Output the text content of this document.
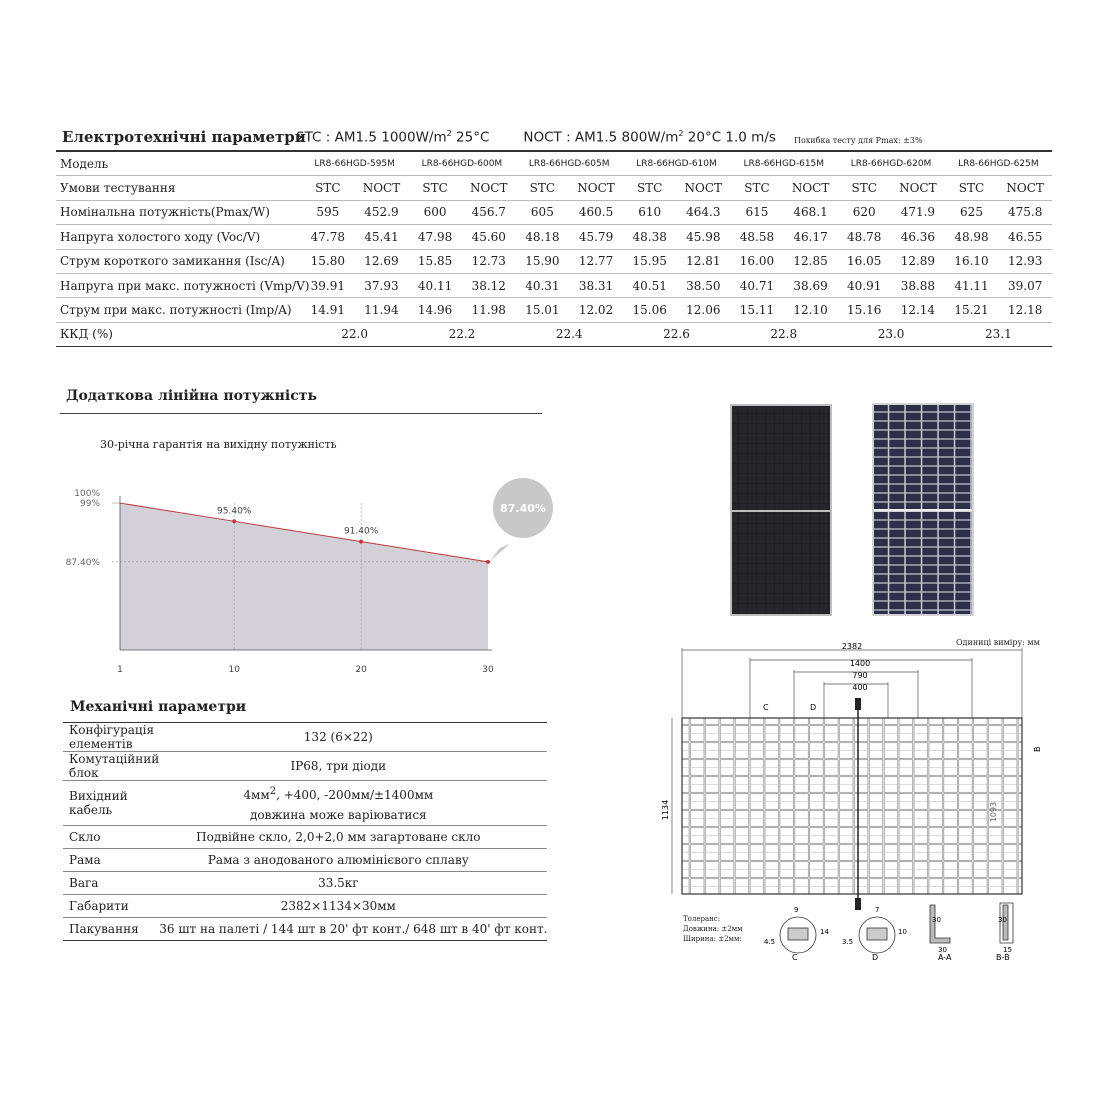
Електротехнічні параметри
STC : AM1.5 $1000W/m^2$ 25°C	NOCT : AM1.5 $800W/m^2$ 20°C 1.0 m/s Похибка тесту для Pmax: ±3%
Модель	LR8-66HGD-595M		LR8-66HGD-600M		LR8-66HGD-605M		LR8-66HGD-610M		LR8-66HGD-615M		LR8-66HGD-620M		LR8-66HGD-625M	
Умови тестування	STC	NOCT	STC	NOCT	STC	NOCT	STC	NOCT	STC	NOCT	STC	NOCT	STC	NOCT
Номінальна потужність(Pmax/W)	595	452.9	600	456.7	605	460.5	610	464.3	615	468.1	620	471.9	625	475.8
Напруга холостого ходу (Voc/V)	47.78	45.41	47.98	45.60	48.18	45.79	48.38	45.98	48.58	46.17	48.78	46.36	48.98	46.55
Струм короткого замикання (Isc/A)	15.80	12.69	15.85	12.73	15.90	12.77	15.95	12.81	16.00	12.85	16.05	12.89	16.10	12.93
Напруга при макс. потужності (Vmp/V)	39.91	37.93	40.11	38.12	40.31	38.31	40.51	38.50	40.71	38.69	40.91	38.88	41.11	39.07
Струм при макс. потужності (Imp/A)	14.91	11.94	14.96	11.98	15.01	12.02	15.06	12.06	15.11	12.10	15.16	12.14	15.21	12.18
ККД (%)	22.0		22.2		22.4		22.6		22.8		23.0		23.1	
Додаткова лінійна потужність
30-річна гарантія на вихідну потужність
100%
99%
87.40%
1	10	20	30
95.40%
91.40%
87.40%
Механічні параметри
Конфігурація елементів	132 (6×22)
Комутаційний блок	IP68, три діоди
Вихідний кабель	$4мм^2$, +400, -200мм/±1400мм
довжина може варіюватися
Скло	Подвійне скло, 2,0+2,0 мм загартоване скло
Рама	Рама з анодованого алюмінієвого сплаву
Вага	33.5кг
Габарити	2382×1134×30мм
Пакування	36 шт на палеті / 144 шт в 20' фт конт./ 648 шт в 40' фт конт.
Одиниці виміру: мм
2382
1400
790
400
1134	1093
C	D
B
9
4.5
14
7
3.5
10
30
30
30
15
C	D	A-A	B-B
Толеранс:
Довжина: ±2мм
Ширина: ±2мм:
